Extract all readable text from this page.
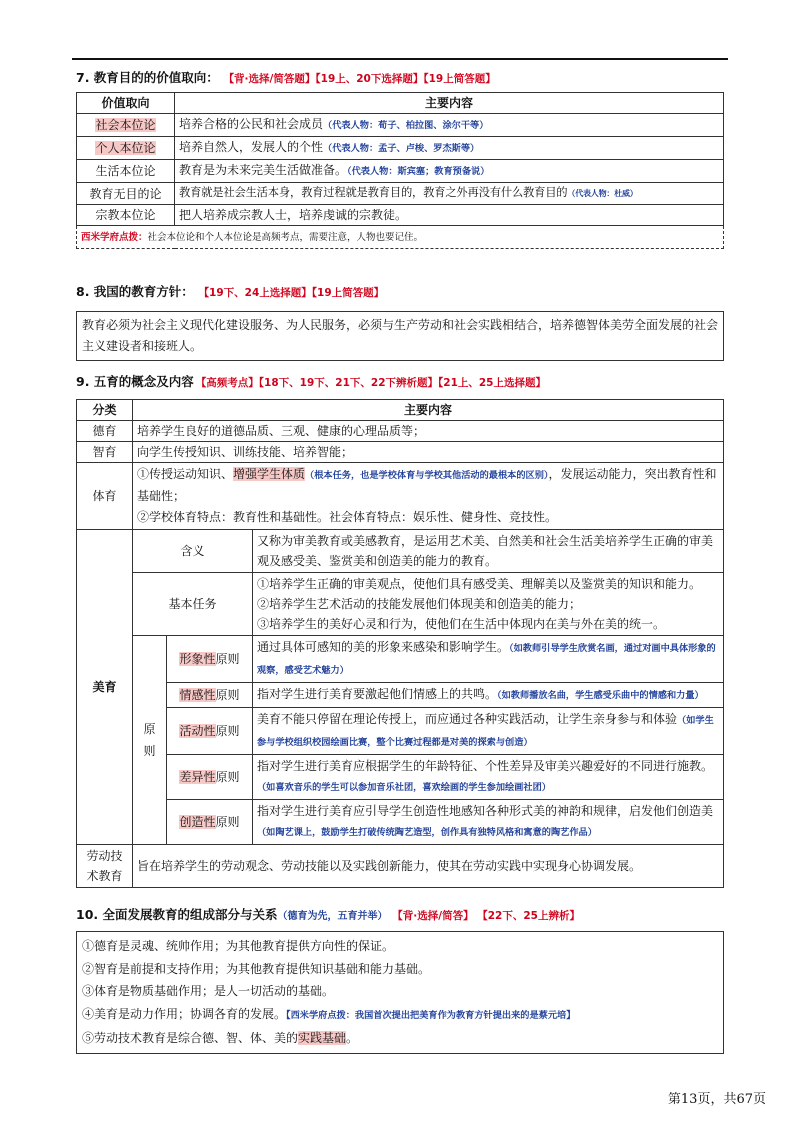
7. 教育目的的价值取向： 【背·选择/简答题】【19上、20下选择题】【19上简答题】
价值取向	主要内容
社会本位论	培养合格的公民和社会成员（代表人物：荀子、柏拉图、涂尔干等）
个人本位论	培养自然人，发展人的个性（代表人物：孟子、卢梭、罗杰斯等）
生活本位论	教育是为未来完美生活做准备。（代表人物：斯宾塞；教育预备说）
教育无目的论	教育就是社会生活本身，教育过程就是教育目的，教育之外再没有什么教育目的（代表人物：杜威）
宗教本位论	把人培养成宗教人士，培养虔诚的宗教徒。
西米学府点拨：社会本位论和个人本位论是高频考点，需要注意，人物也要记住。	
8. 我国的教育方针： 【19下、24上选择题】【19上简答题】
教育必须为社会主义现代化建设服务、为人民服务，必须与生产劳动和社会实践相结合，培养德智体美劳全面发展的社会主义建设者和接班人。
9. 五育的概念及内容 【高频考点】【18下、19下、21下、22下辨析题】【21上、25上选择题】
分类	主要内容		
德育	培养学生良好的道德品质、三观、健康的心理品质等；		
智育	向学生传授知识、训练技能、培养智能；		
体育	①传授运动知识、增强学生体质（根本任务，也是学校体育与学校其他活动的最根本的区别），发展运动能力，突出教育性和基础性；
②学校体育特点：教育性和基础性。社会体育特点：娱乐性、健身性、竞技性。		
美育	含义		又称为审美教育或美感教育，是运用艺术美、自然美和社会生活美培养学生正确的审美观及感受美、鉴赏美和创造美的能力的教育。
	基本任务		①培养学生正确的审美观点，使他们具有感受美、理解美以及鉴赏美的知识和能力。
②培养学生艺术活动的技能发展他们体现美和创造美的能力；
③培养学生的美好心灵和行为，使他们在生活中体现内在美与外在美的统一。
	原则	形象性原则	通过具体可感知的美的形象来感染和影响学生。（如教师引导学生欣赏名画，通过对画中具体形象的观察，感受艺术魅力）
		情感性原则	指对学生进行美育要激起他们情感上的共鸣。（如教师播放名曲，学生感受乐曲中的情感和力量）
		活动性原则	美育不能只停留在理论传授上，而应通过各种实践活动，让学生亲身参与和体验（如学生参与学校组织校园绘画比赛，整个比赛过程都是对美的探索与创造）
		差异性原则	指对学生进行美育应根据学生的年龄特征、个性差异及审美兴趣爱好的不同进行施教。（如喜欢音乐的学生可以参加音乐社团，喜欢绘画的学生参加绘画社团）
		创造性原则	指对学生进行美育应引导学生创造性地感知各种形式美的神韵和规律，启发他们创造美（如陶艺课上，鼓励学生打破传统陶艺造型，创作具有独特风格和寓意的陶艺作品）
劳动技术教育	旨在培养学生的劳动观念、劳动技能以及实践创新能力，使其在劳动实践中实现身心协调发展。		
10. 全面发展教育的组成部分与关系（德育为先，五育并举） 【背·选择/简答】 【22下、25上辨析】
①德育是灵魂、统帅作用；为其他教育提供方向性的保证。
②智育是前提和支持作用；为其他教育提供知识基础和能力基础。
③体育是物质基础作用；是人一切活动的基础。
④美育是动力作用；协调各育的发展。【西米学府点拨：我国首次提出把美育作为教育方针提出来的是蔡元培】
⑤劳动技术教育是综合德、智、体、美的实践基础。
第13页，共67页
